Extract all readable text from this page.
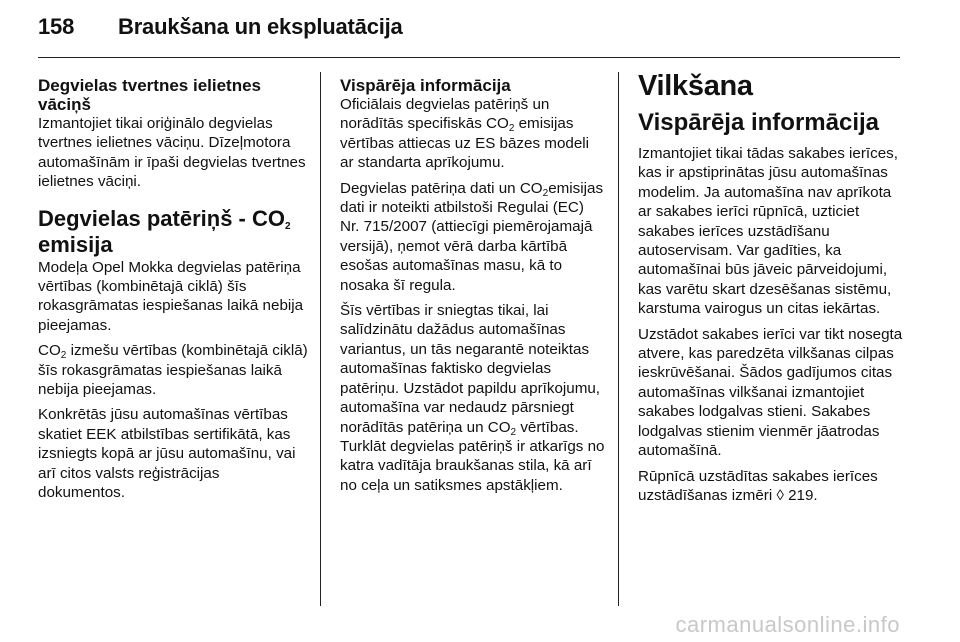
158 Braukšana un ekspluatācija
Degvielas tvertnes ielietnes vāciņš

Izmantojiet tikai oriģinālo degvielas tvertnes ielietnes vāciņu. Dīzeļmotora automašīnām ir īpaši degvielas tvertnes ielietnes vāciņi.

Degvielas patēriņš - $CO_2$
emisija

Modeļa Opel Mokka degvielas patēriņa vērtības (kombinētajā ciklā) šīs rokasgrāmatas iespiešanas laikā nebija pieejamas.

$CO_2$ izmešu vērtības (kombinētajā ciklā) šīs rokasgrāmatas iespiešanas laikā nebija pieejamas.

Konkrētās jūsu automašīnas vērtības skatiet EEK atbilstības sertifikātā, kas izsniegts kopā ar jūsu automašīnu, vai arī citos valsts reģistrācijas dokumentos.

Vispārēja informācija

Oficiālais degvielas patēriņš un norādītās specifiskās $CO_2$ emisijas vērtības attiecas uz ES bāzes modeli ar standarta aprīkojumu.

Degvielas patēriņa dati un $CO_2emisijas$ dati ir noteikti atbilstoši Regulai (EC) Nr. 715/2007 (attiecīgi piemērojamajā versijā), ņemot vērā darba kārtībā esošas automašīnas masu, kā to nosaka šī regula.

Šīs vērtības ir sniegtas tikai, lai salīdzinātu dažādus automašīnas variantus, un tās negarantē noteiktas automašīnas faktisko degvielas patēriņu. Uzstādot papildu aprīkojumu, automašīna var nedaudz pārsniegt norādītās patēriņa un $CO_2$ vērtības. Turklāt degvielas patēriņš ir atkarīgs no katra vadītāja braukšanas stila, kā arī no ceļa un satiksmes apstākļiem.

Vilkšana
Vispārēja informācija

Izmantojiet tikai tādas sakabes ierīces, kas ir apstiprinātas jūsu automašīnas modelim. Ja automašīna nav aprīkota ar sakabes ierīci rūpnīcā, uzticiet sakabes ierīces uzstādīšanu autoservisam. Var gadīties, ka automašīnai būs jāveic pārveidojumi, kas varētu skart dzesēšanas sistēmu, karstuma vairogus un citas iekārtas.

Uzstādot sakabes ierīci var tikt nosegta atvere, kas paredzēta vilkšanas cilpas ieskrūvēšanai. Šādos gadījumos citas automašīnas vilkšanai izmantojiet sakabes lodgalvas stieni. Sakabes lodgalvas stienim vienmēr jāatrodas automašīnā.

Rūpnīcā uzstādītas sakabes ierīces uzstādīšanas izmēri ◊ 219.

carmanualsonline.info
